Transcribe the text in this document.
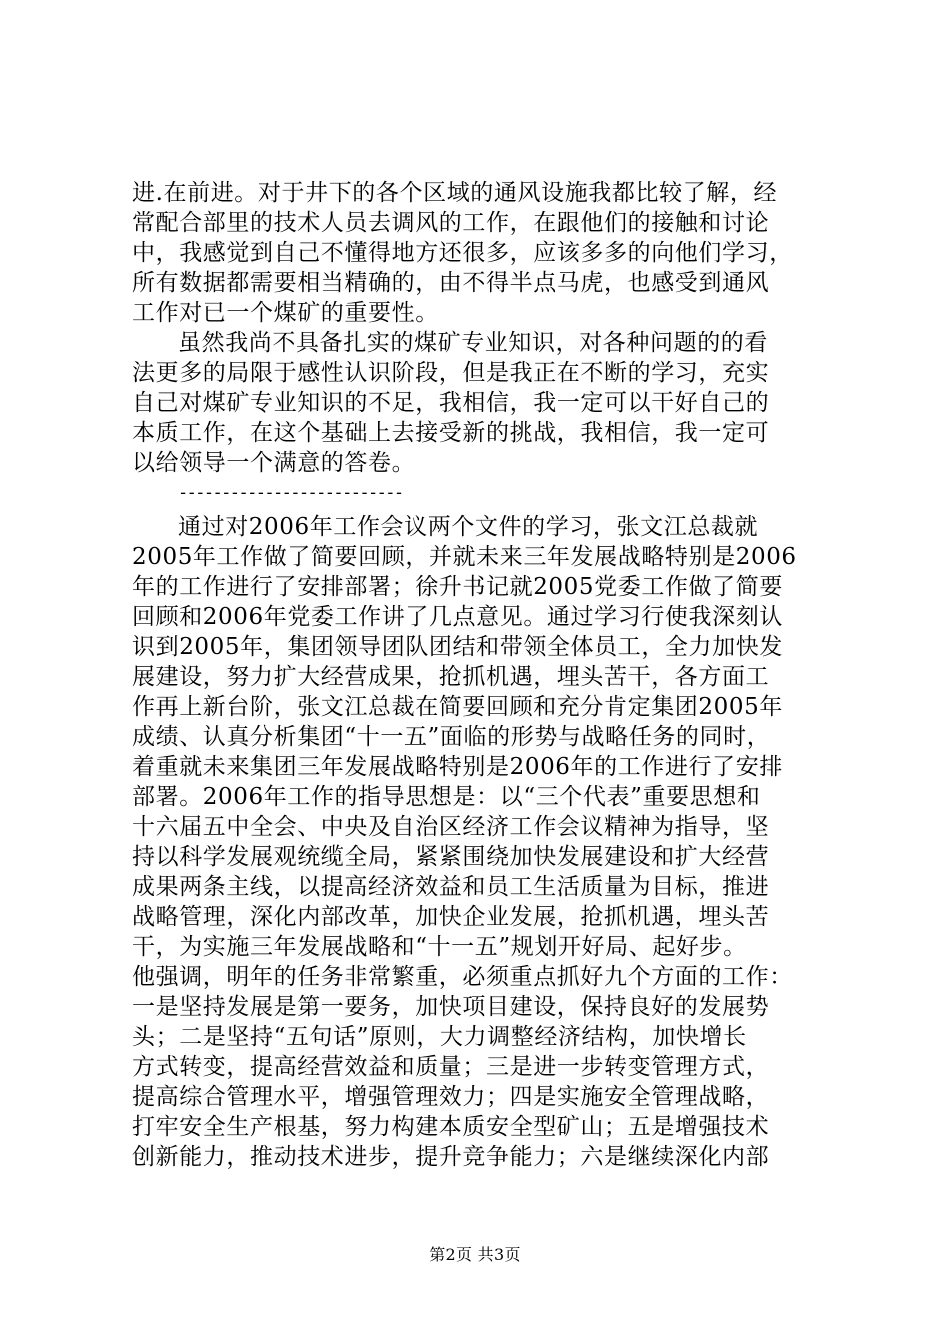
进.在前进。对于井下的各个区域的通风设施我都比较了解，经
常配合部里的技术人员去调风的工作，在跟他们的接触和讨论
中，我感觉到自己不懂得地方还很多，应该多多的向他们学习，
所有数据都需要相当精确的，由不得半点马虎，也感受到通风
工作对已一个煤矿的重要性。
虽然我尚不具备扎实的煤矿专业知识，对各种问题的的看
法更多的局限于感性认识阶段，但是我正在不断的学习，充实
自己对煤矿专业知识的不足，我相信，我一定可以干好自己的
本质工作，在这个基础上去接受新的挑战，我相信，我一定可
以给领导一个满意的答卷。
--------------------------
通过对2006年工作会议两个文件的学习，张文江总裁就
2005年工作做了简要回顾，并就未来三年发展战略特别是2006
年的工作进行了安排部署；徐升书记就2005党委工作做了简要
回顾和2006年党委工作讲了几点意见。通过学习行使我深刻认
识到2005年，集团领导团队团结和带领全体员工，全力加快发
展建设，努力扩大经营成果，抢抓机遇，埋头苦干，各方面工
作再上新台阶，张文江总裁在简要回顾和充分肯定集团2005年
成绩、认真分析集团“十一五”面临的形势与战略任务的同时，
着重就未来集团三年发展战略特别是2006年的工作进行了安排
部署。2006年工作的指导思想是：以“三个代表”重要思想和
十六届五中全会、中央及自治区经济工作会议精神为指导，坚
持以科学发展观统缆全局，紧紧围绕加快发展建设和扩大经营
成果两条主线，以提高经济效益和员工生活质量为目标，推进
战略管理，深化内部改革，加快企业发展，抢抓机遇，埋头苦
干，为实施三年发展战略和“十一五”规划开好局、起好步。
他强调，明年的任务非常繁重，必须重点抓好九个方面的工作：
一是坚持发展是第一要务，加快项目建设，保持良好的发展势
头；二是坚持“五句话”原则，大力调整经济结构，加快增长
方式转变，提高经营效益和质量；三是进一步转变管理方式，
提高综合管理水平，增强管理效力；四是实施安全管理战略，
打牢安全生产根基，努力构建本质安全型矿山；五是增强技术
创新能力，推动技术进步，提升竞争能力；六是继续深化内部
第2页 共3页
